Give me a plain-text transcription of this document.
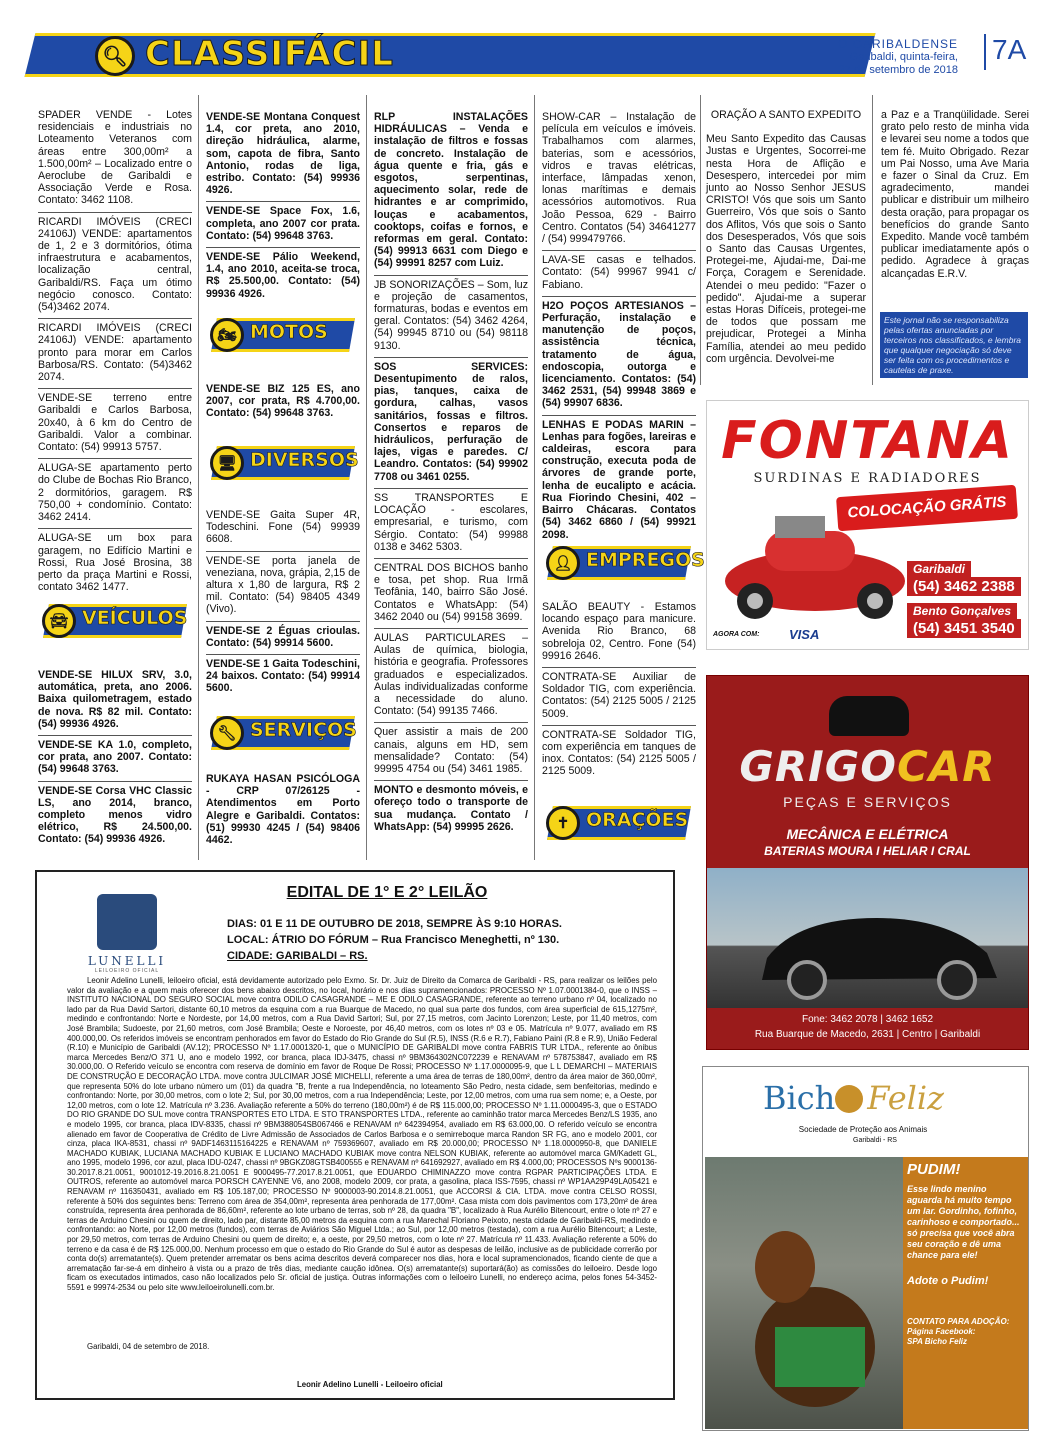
🔍︎ CLASSIFÁCIL	O GARIBALDENSE
Garibaldi, quinta-feira,
27 de setembro de 2018
7A

SPADER VENDE - Lotes residenciais e industriais no Loteamento Veteranos com áreas entre 300,00m² a 1.500,00m² – Localizado entre o Aeroclube de Garibaldi e Associação Verde e Rosa. Contato: 3462 1108.

RICARDI IMÓVEIS (CRECI 24106J) VENDE: apartamentos de 1, 2 e 3 dormitórios, ótima infraestrutura e acabamentos, localização central, Garibaldi/RS. Faça um ótimo negócio conosco. Contato: (54)3462 2074.

RICARDI IMÓVEIS (CRECI 24106J) VENDE: apartamento pronto para morar em Carlos Barbosa/RS. Contato: (54)3462 2074.

VENDE-SE terreno entre Garibaldi e Carlos Barbosa, 20x40, à 6 km do Centro de Garibaldi. Valor a combinar. Contato: (54) 99913 5757.

ALUGA-SE apartamento perto do Clube de Bochas Rio Branco, 2 dormitórios, garagem. R$ 750,00 + condomínio. Contato: 3462 2414.

ALUGA-SE um box para garagem, no Edifício Martini e Rossi, Rua José Brosina, 38 perto da praça Martini e Rossi, contato 3462 1477.

🚘︎ VEÍCULOS

VENDE-SE HILUX SRV, 3.0, automática, preta, ano 2006. Baixa quilometragem, estado de nova. R$ 82 mil. Contato: (54) 99936 4926.

VENDE-SE KA 1.0, completo, cor prata, ano 2007. Contato: (54) 99648 3763.

VENDE-SE Corsa VHC Classic LS, ano 2014, branco, completo menos vidro elétrico, R$ 24.500,00. Contato: (54) 99936 4926.

VENDE-SE Montana Conquest 1.4, cor preta, ano 2010, direção hidráulica, alarme, som, capota de fibra, Santo Antonio, rodas de liga, estribo. Contato: (54) 99936 4926.

VENDE-SE Space Fox, 1.6, completa, ano 2007 cor prata. Contato: (54) 99648 3763.

VENDE-SE Pálio Weekend, 1.4, ano 2010, aceita-se troca, R$ 25.500,00. Contato: (54) 99936 4926.

🏍︎ MOTOS

VENDE-SE BIZ 125 ES, ano 2007, cor prata, R$ 4.700,00. Contato: (54) 99648 3763.

🖥︎ DIVERSOS

VENDE-SE Gaita Super 4R, Todeschini. Fone (54) 99939 6608.

VENDE-SE porta janela de veneziana, nova, grápia, 2,15 de altura x 1,80 de largura, R$ 2 mil. Contato: (54) 98405 4349 (Vivo).

VENDE-SE 2 Éguas crioulas. Contato: (54) 99914 5600.

VENDE-SE 1 Gaita Todeschini, 24 baixos. Contato: (54) 99914 5600.

🔧︎ SERVIÇOS

RUKAYA HASAN PSICÓLOGA - CRP 07/26125 - Atendimentos em Porto Alegre e Garibaldi. Contatos: (51) 99930 4245 / (54) 98406 4462.

RLP INSTALAÇÕES HIDRÁULICAS – Venda e instalação de filtros e fossas de concreto. Instalação de água quente e fria, gás e esgotos, serpentinas, aquecimento solar, rede de hidrantes e ar comprimido, louças e acabamentos, cooktops, coifas e fornos, e reformas em geral. Contato: (54) 99913 6631 com Diego e (54) 99991 8257 com Luiz.

JB SONORIZAÇÕES – Som, luz e projeção de casamentos, formaturas, bodas e eventos em geral. Contatos: (54) 3462 4264, (54) 99945 8710 ou (54) 98118 9130.

SOS SERVICES: Desentupimento de ralos, pias, tanques, caixa de gordura, calhas, vasos sanitários, fossas e filtros. Consertos e reparos de hidráulicos, perfuração de lajes, vigas e paredes. C/ Leandro. Contatos: (54) 99902 7708 ou 3461 0255.

SS TRANSPORTES E LOCAÇÃO - escolares, empresarial, e turismo, com Sérgio. Contato: (54) 99988 0138 e 3462 5303.

CENTRAL DOS BICHOS banho e tosa, pet shop. Rua Irmã Teofânia, 140, bairro São José. Contatos e WhatsApp: (54) 3462 2040 ou (54) 99158 3699.

AULAS PARTICULARES – Aulas de química, biologia, história e geografia. Professores graduados e especializados. Aulas individualizadas conforme a necessidade do aluno. Contato: (54) 99135 7466.

Quer assistir a mais de 200 canais, alguns em HD, sem mensalidade? Contato: (54) 99995 4754 ou (54) 3461 1985.

MONTO e desmonto móveis, e ofereço todo o transporte de sua mudança. Contato / WhatsApp: (54) 99995 2626.

SHOW-CAR – Instalação de película em veículos e imóveis. Trabalhamos com alarmes, baterias, som e acessórios, vidros e travas elétricas, interface, lâmpadas xenon, lonas marítimas e demais acessórios automotivos. Rua João Pessoa, 629 - Bairro Centro. Contatos (54) 34641277 / (54) 999479766.

LAVA-SE casas e telhados. Contato: (54) 99967 9941 c/ Fabiano.

H2O POÇOS ARTESIANOS – Perfuração, instalação e manutenção de poços, assistência técnica, tratamento de água, endoscopia, outorga e licenciamento. Contatos: (54) 3462 2531, (54) 99948 3869 e (54) 99907 6836.

LENHAS E PODAS MARIN – Lenhas para fogões, lareiras e caldeiras, escora para construção, executa poda de árvores de grande porte, lenha de eucalipto e acácia. Rua Fiorindo Chesini, 402 – Bairro Chácaras. Contatos (54) 3462 6860 / (54) 99921 2098.

👤︎ EMPREGOS

SALÃO BEAUTY - Estamos locando espaço para manicure. Avenida Rio Branco, 68 sobreloja 02, Centro. Fone (54) 99916 2646.

CONTRATA-SE Auxiliar de Soldador TIG, com experiência. Contatos: (54) 2125 5005 / 2125 5009.

CONTRATA-SE Soldador TIG, com experiência em tanques de inox. Contatos: (54) 2125 5005 / 2125 5009.

✝ ORAÇÕES
ORAÇÃO A SANTO EXPEDITO
Meu Santo Expedito das Causas Justas e Urgentes, Socorrei-me nesta Hora de Aflição e Desespero, intercedei por mim junto ao Nosso Senhor JESUS CRISTO! Vós que sois um Santo Guerreiro, Vós que sois o Santo dos Aflitos, Vós que sois o Santo dos Desesperados, Vós que sois o Santo das Causas Urgentes, Protegei-me, Ajudai-me, Dai-me Força, Coragem e Serenidade. Atendei o meu pedido: "Fazer o pedido". Ajudai-me a superar estas Horas Difíceis, protegei-me de todos que possam me prejudicar, Protegei a Minha Família, atendei ao meu pedido com urgência. Devolvei-me
a Paz e a Tranqüilidade. Serei grato pelo resto de minha vida e levarei seu nome a todos que tem fé. Muito Obrigado. Rezar um Pai Nosso, uma Ave Maria e fazer o Sinal da Cruz. Em agradecimento, mandei publicar e distribuir um milheiro desta oração, para propagar os benefícios do grande Santo Expedito. Mande você também publicar imediatamente após o pedido. Agradece à graças alcançadas E.R.V.
Este jornal não se responsabiliza pelas ofertas anunciadas por terceiros nos classificados, e lembra que qualquer negociação só deve ser feita com os procedimentos e cautelas de praxe.
FONTANA
SURDINAS E RADIADORES
COLOCAÇÃO GRÁTIS
Garibaldi
(54) 3462 2388
Bento Gonçalves
(54) 3451 3540
AGORA COM: VISA
GRIGOCAR
PEÇAS E SERVIÇOS
MECÂNICA E ELÉTRICA
BATERIAS MOURA I HELIAR I CRAL
Fone: 3462 2078 | 3462 1652
Rua Buarque de Macedo, 2631 | Centro | Garibaldi
Bich Feliz
Sociedade de Proteção aos Animais
Garibaldi - RS
PUDIM!
Esse lindo menino aguarda há muito tempo um lar. Gordinho, fofinho, carinhoso e comportado... só precisa que você abra seu coração e dê uma chance para ele!
Adote o Pudim!
CONTATO PARA ADOÇÃO:
Página Facebook:
SPA Bicho Feliz
LUNELLI
LEILOEIRO OFICIAL
EDITAL DE 1° E 2° LEILÃO
DIAS: 01 E 11 DE OUTUBRO DE 2018, SEMPRE ÀS 9:10 HORAS.
LOCAL: ÁTRIO DO FÓRUM – Rua Francisco Meneghetti, nº 130.
CIDADE: GARIBALDI – RS.
Leonir Adelino Lunelli, leiloeiro oficial, está devidamente autorizado pelo Exmo. Sr. Dr. Juiz de Direito da Comarca de Garibaldi - RS, para realizar os leilões pelo valor da avaliação e a quem mais oferecer dos bens abaixo descritos, no local, horário e nos dias supramencionados: PROCESSO Nº 1.07.0001384-0, que o INSS – INSTITUTO NACIONAL DO SEGURO SOCIAL move contra ODILO CASAGRANDE – ME E ODILO CASAGRANDE, referente ao terreno urbano nº 04, localizado no lado par da Rua David Sartori, distante 60,10 metros da esquina com a rua Buarque de Macedo, no qual sua parte dos fundos, com área superficial de 615,1275m², medindo e confrontando: Norte e Nordeste, por 14,00 metros, com a Rua David Sartori; Sul, por 27,15 metros, com Jacinto Lorenzon; Leste, por 11,40 metros, com José Brambila; Sudoeste, por 21,60 metros, com José Brambila; Oeste e Noroeste, por 46,40 metros, com os lotes nº 03 e 05. Matrícula nº 9.077, avaliado em R$ 400.000,00. Os referidos imóveis se encontram penhorados em favor do Estado do Rio Grande do Sul (R.5), INSS (R.6 e R.7), Fabiano Paini (R.8 e R.9), União Federal (R.10) e Município de Garibaldi (AV.12); PROCESSO Nº 1.17.0001320-1, que o MUNICÍPIO DE GARIBALDI move contra FABRIS TUR LTDA., referente ao ônibus marca Mercedes Benz/O 371 U, ano e modelo 1992, cor branca, placa IDJ-3475, chassi nº 9BM364302NC072239 e RENAVAM nº 578753847, avaliado em R$ 30.000,00. O Referido veículo se encontra com reserva de domínio em favor de Roque De Rossi; PROCESSO Nº 1.17.0000095-9, que L L DEMARCHI – MATERIAIS DE CONSTRUÇÃO E DECORAÇÃO LTDA. move contra JULCIMAR JOSÉ MICHELLI, referente a uma área de terras de 180,00m², dentro da área maior de 360,00m², que representa 50% do lote urbano número um (01) da quadra "B, frente a rua Independência, no loteamento São Pedro, nesta cidade, sem benfeitorias, medindo e confrontando: Norte, por 30,00 metros, com o lote 2; Sul, por 30,00 metros, com a rua Independência; Leste, por 12,00 metros, com uma rua sem nome; e, a Oeste, por 12,00 metros, com o lote 12. Matrícula nº 3.236. Avaliação referente a 50% do terreno (180,00m²) é de R$ 115.000,00; PROCESSO Nº 1.11.0000495-3, que o ESTADO DO RIO GRANDE DO SUL move contra TRANSPORTES ETO LTDA. E STO TRANSPORTES LTDA., referente ao caminhão trator marca Mercedes Benz/LS 1935, ano e modelo 1995, cor branca, placa IDV-8335, chassi nº 9BM388054SB067466 e RENAVAM nº 642394954, avaliado em R$ 63.000,00. O referido veículo se encontra alienado em favor de Cooperativa de Crédito de Livre Admissão de Associados de Carlos Barbosa e o semirreboque marca Randon SR FG, ano e modelo 2001, cor cinza, placa IKA-8531, chassi nº 9ADF1463115164225 e RENAVAM nº 759369607, avaliado em R$ 20.000,00; PROCESSO Nº 1.18.0000950-8, que DANIELE MACHADO KUBIAK, LUCIANA MACHADO KUBIAK E LUCIANO MACHADO KUBIAK move contra NELSON KUBIAK, referente ao automóvel marca GM/Kadett GL, ano 1995, modelo 1996, cor azul, placa IDU-0247, chassi nº 9BGKZ08GTSB400555 e RENAVAM nº 641692927, avaliado em R$ 4.000,00; PROCESSOS Nºs 9000136-30.2017.8.21.0051, 9001012-19.2016.8.21.0051 E 9000495-77.2017.8.21.0051, que EDUARDO CHIMINAZZO move contra RGPAR PARTICIPAÇÕES LTDA. E OUTROS, referente ao automóvel marca PORSCH CAYENNE V6, ano 2008, modelo 2009, cor prata, a gasolina, placa ISS-7595, chassi nº WP1AA29P49LA05421 e RENAVAM nº 116350431, avaliado em R$ 105.187,00; PROCESSO Nº 9000003-90.2014.8.21.0051, que ACCORSI & CIA. LTDA. move contra CELSO ROSSI, referente à 50% dos seguintes bens: Terreno com área de 354,00m², representa área penhorada de 177,00m². Casa mista com dois pavimentos com 173,20m² de área construída, representa área penhorada de 86,60m², referente ao lote urbano de terras, sob nº 28, da quadra "B", localizado à Rua Aurélio Bitencourt, entre o lote nº 27 e terras de Arduino Chesini ou quem de direito, lado par, distante 85,00 metros da esquina com a rua Marechal Floriano Peixoto, nesta cidade de Garibaldi-RS, medindo e confrontando: ao Norte, por 12,00 metros (fundos), com terras de Aviários São Miguel Ltda.; ao Sul, por 12,00 metros (testada), com a rua Aurélio Bitencourt; a Leste, por 29,50 metros, com terras de Arduino Chesini ou quem de direito; e, a oeste, por 29,50 metros, com o lote nº 27. Matrícula nº 11.433. Avaliação referente a 50% do terreno e da casa é de R$ 125.000,00. Nenhum processo em que o estado do Rio Grande do Sul é autor as despesas de leilão, inclusive as de publicidade correrão por conta do(s) arrematante(s). Quem pretender arrematar os bens acima descritos deverá comparecer nos dias, hora e local supramencionados, ficando ciente de que a arrematação far-se-á em dinheiro à vista ou a prazo de três dias, mediante caução idônea. O(s) arrematante(s) suportará(ão) as comissões do leiloeiro. Desde logo ficam os executados intimados, caso não localizados pelo Sr. oficial de justiça. Outras informações com o leiloeiro Lunelli, no endereço acima, pelos fones 54-3452-5591 e 99974-2534 ou pelo site www.leiloeirolunelli.com.br.
Garibaldi, 04 de setembro de 2018.
Leonir Adelino Lunelli - Leiloeiro oficial
